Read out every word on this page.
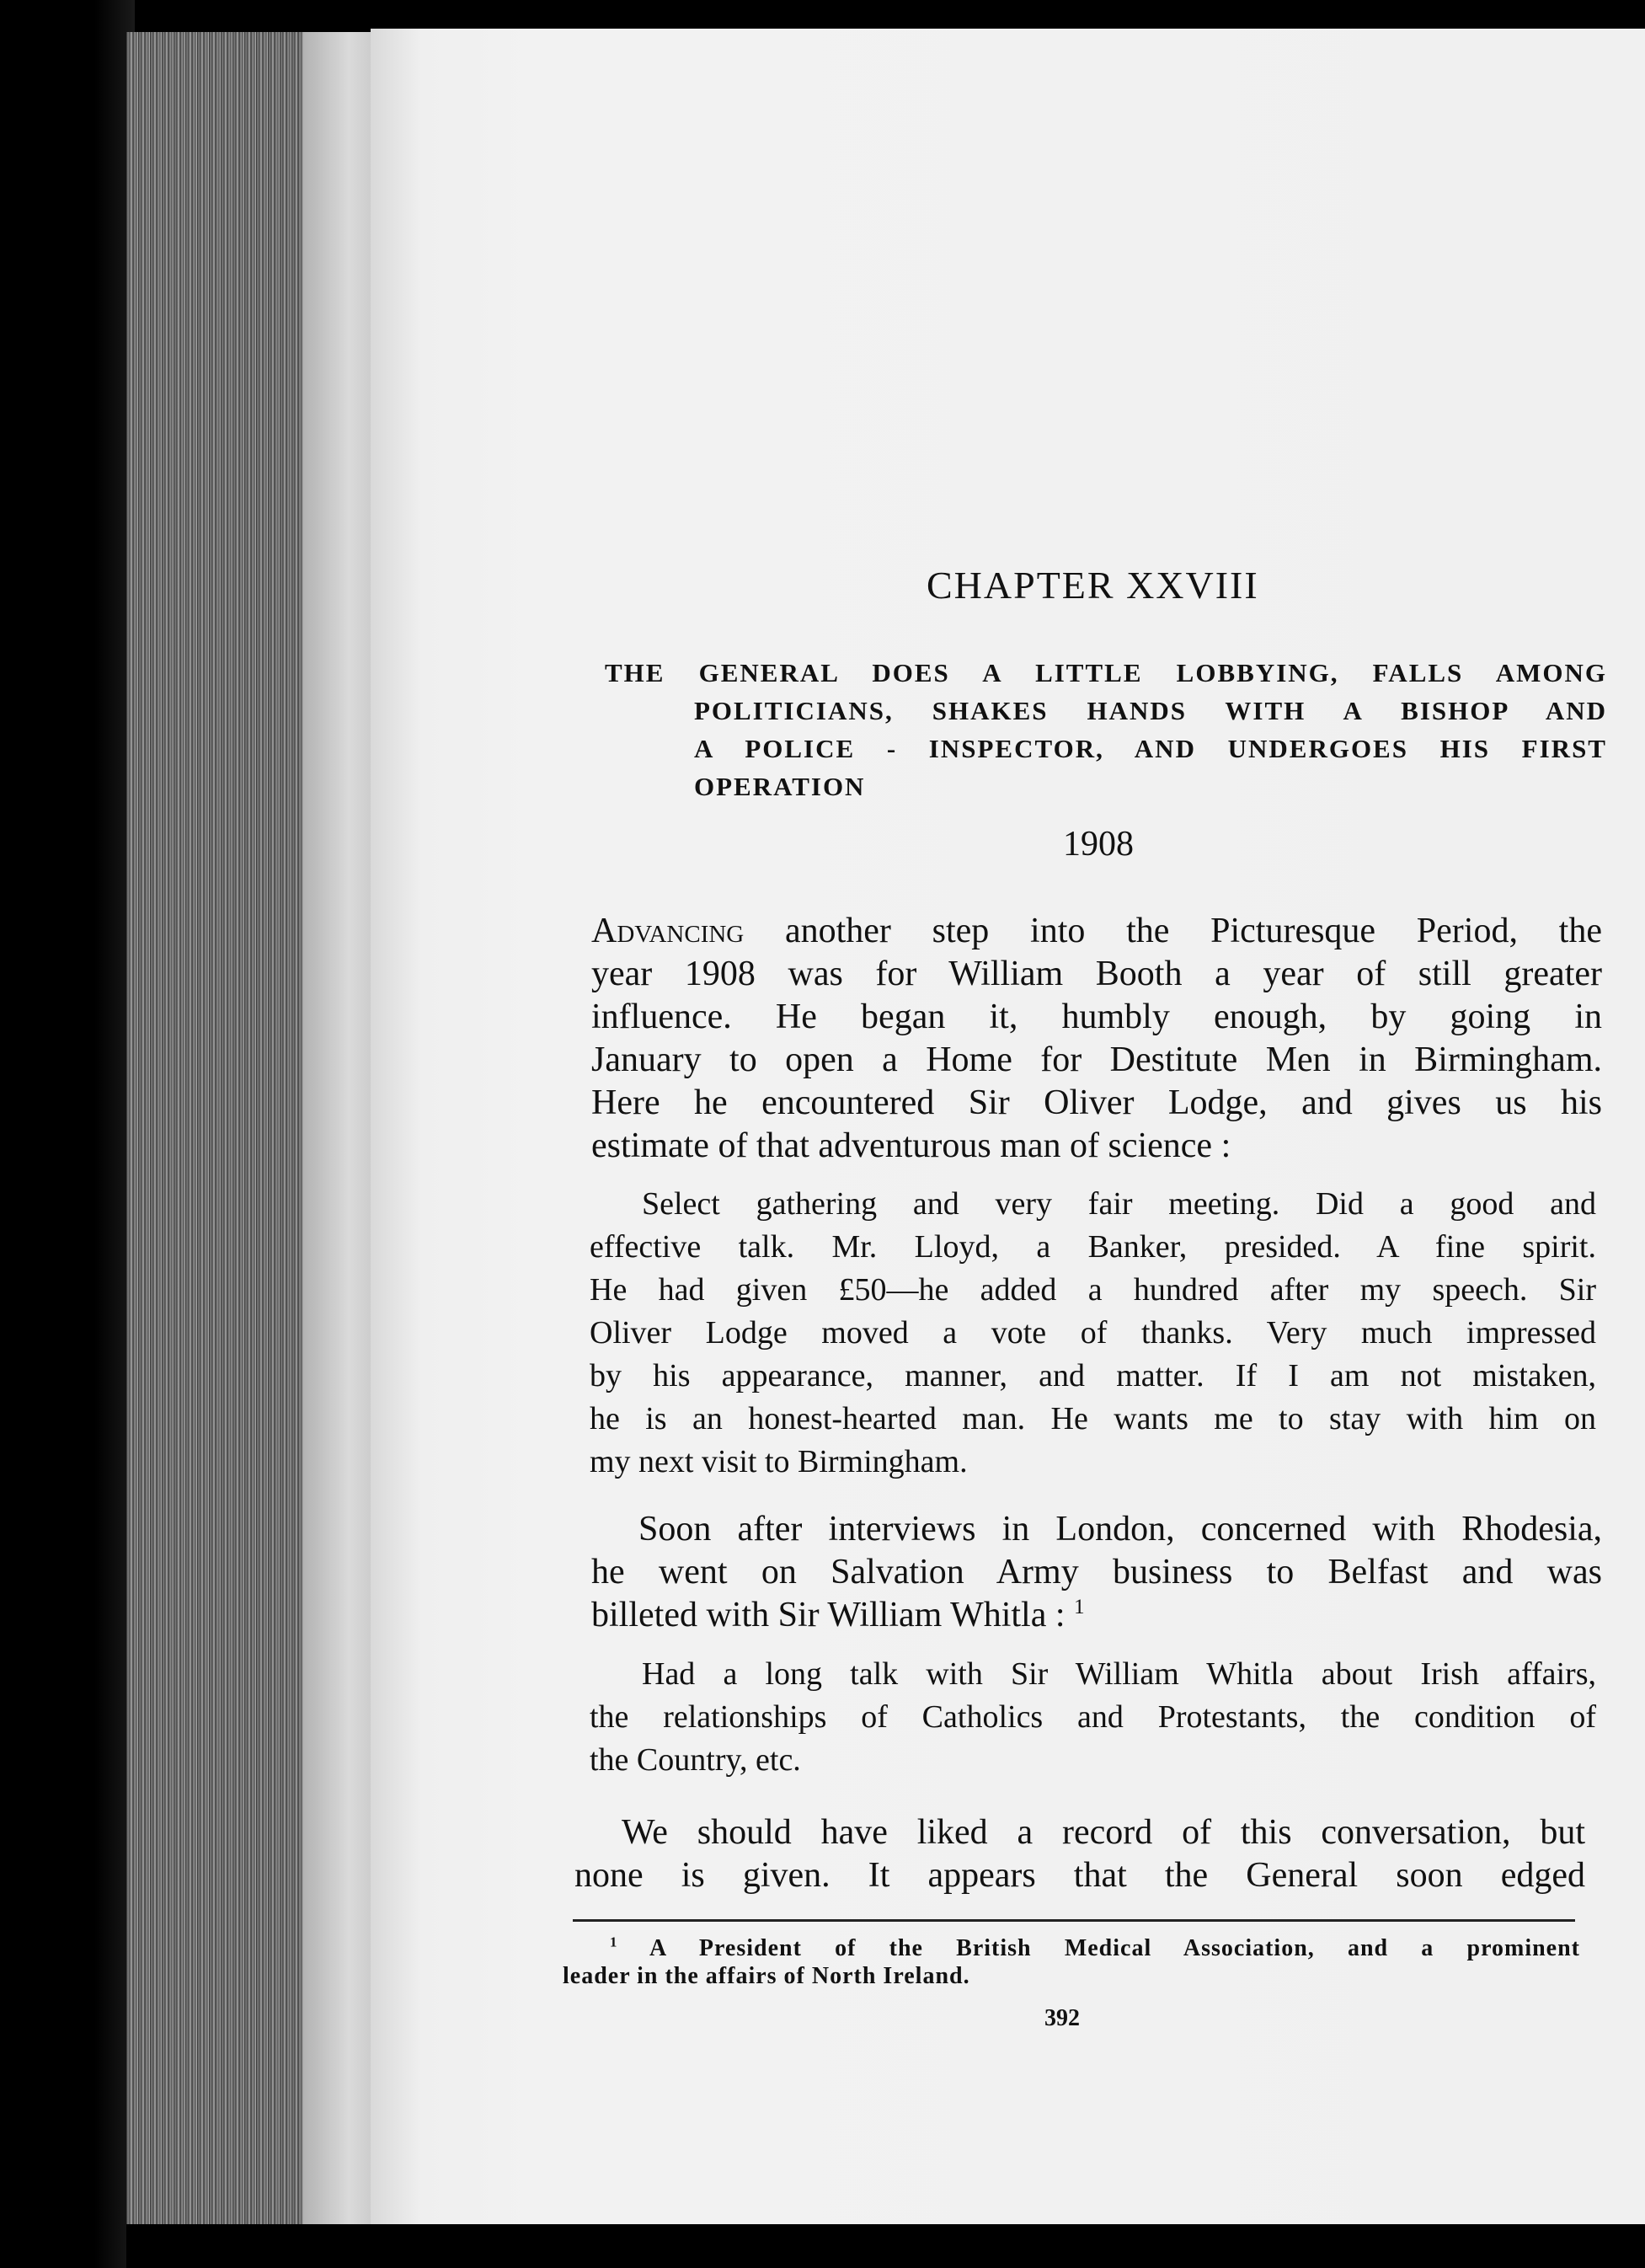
CHAPTER XXVIII
THE GENERAL DOES A LITTLE LOBBYING, FALLS AMONG
POLITICIANS, SHAKES HANDS WITH A BISHOP AND
A POLICE - INSPECTOR, AND UNDERGOES HIS FIRST
OPERATION
1908
Advancing another step into the Picturesque Period, the
year 1908 was for William Booth a year of still greater
influence. He began it, humbly enough, by going in
January to open a Home for Destitute Men in Birmingham.
Here he encountered Sir Oliver Lodge, and gives us his
estimate of that adventurous man of science :
Select gathering and very fair meeting. Did a good and
effective talk. Mr. Lloyd, a Banker, presided. A fine spirit.
He had given £50—he added a hundred after my speech. Sir
Oliver Lodge moved a vote of thanks. Very much impressed
by his appearance, manner, and matter. If I am not mistaken,
he is an honest-hearted man. He wants me to stay with him on
my next visit to Birmingham.
Soon after interviews in London, concerned with Rhodesia,
he went on Salvation Army business to Belfast and was
billeted with Sir William Whitla : $^1$
Had a long talk with Sir William Whitla about Irish affairs,
the relationships of Catholics and Protestants, the condition of
the Country, etc.
We should have liked a record of this conversation, but
none is given. It appears that the General soon edged
$^1$ A President of the British Medical Association, and a prominent
leader in the affairs of North Ireland.
392
